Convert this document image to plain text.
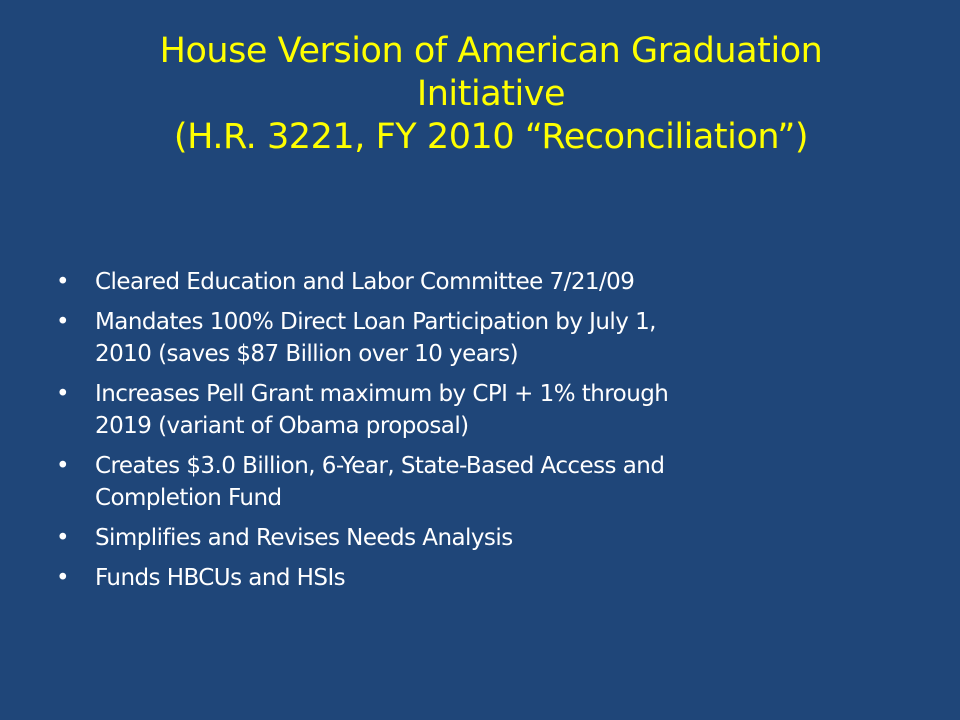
House Version of American Graduation
Initiative
(H.R. 3221, FY 2010 “Reconciliation”)
•	Cleared Education and Labor Committee 7/21/09
•	Mandates 100% Direct Loan Participation by July 1,
2010 (saves $87 Billion over 10 years)
•	Increases Pell Grant maximum by CPI + 1% through
2019 (variant of Obama proposal)
•	Creates $3.0 Billion, 6-Year, State-Based Access and
Completion Fund
•	Simplifies and Revises Needs Analysis
•	Funds HBCUs and HSIs
